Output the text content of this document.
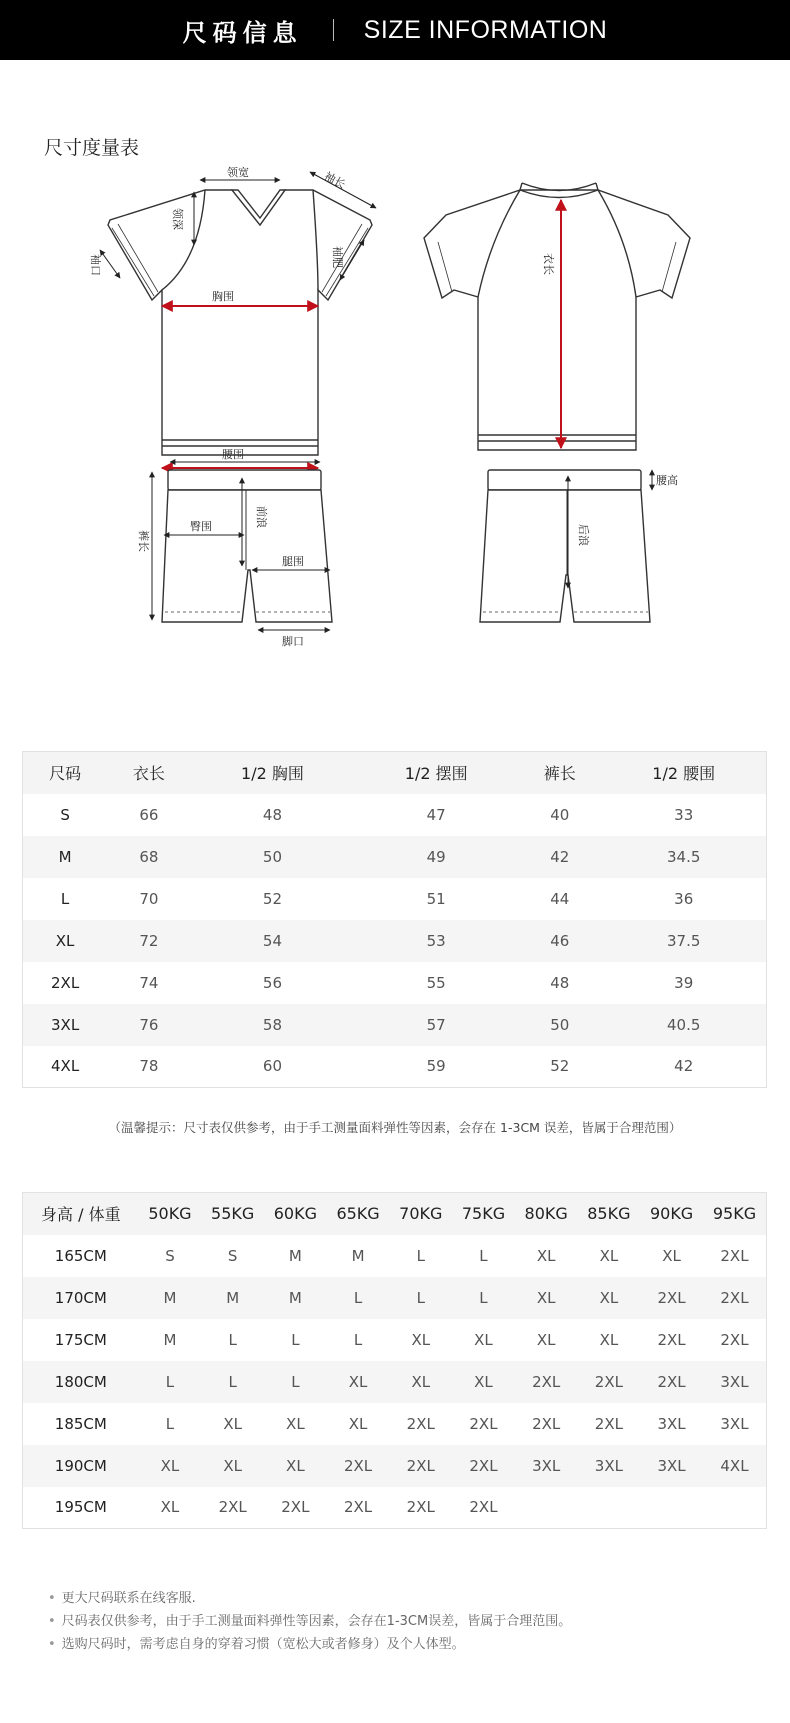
尺码信息 SIZE INFORMATION
尺寸度量表
领宽
领深
袖长
袖肥
袖口
胸围
衣长
腰围
臀围	前浪
腿围
裤长
脚口
腰高
后浪
尺码	衣长	1/2 胸围	1/2 摆围	裤长	1/2 腰围
S	66	48	47	40	33
M	68	50	49	42	34.5
L	70	52	51	44	36
XL	72	54	53	46	37.5
2XL	74	56	55	48	39
3XL	76	58	57	50	40.5
4XL	78	60	59	52	42
（温馨提示：尺寸表仅供参考，由于手工测量面料弹性等因素，会存在 1-3CM 误差，皆属于合理范围）
身高 / 体重	50KG	55KG	60KG	65KG	70KG	75KG	80KG	85KG	90KG	95KG
165CM	S	S	M	M	L	L	XL	XL	XL	2XL
170CM	M	M	M	L	L	L	XL	XL	2XL	2XL
175CM	M	L	L	L	XL	XL	XL	XL	2XL	2XL
180CM	L	L	L	XL	XL	XL	2XL	2XL	2XL	3XL
185CM	L	XL	XL	XL	2XL	2XL	2XL	2XL	3XL	3XL
190CM	XL	XL	XL	2XL	2XL	2XL	3XL	3XL	3XL	4XL
195CM	XL	2XL	2XL	2XL	2XL	2XL				
• 更大尺码联系在线客服.
• 尺码表仅供参考，由于手工测量面料弹性等因素，会存在1-3CM误差，皆属于合理范围。
• 选购尺码时，需考虑自身的穿着习惯（宽松大或者修身）及个人体型。
